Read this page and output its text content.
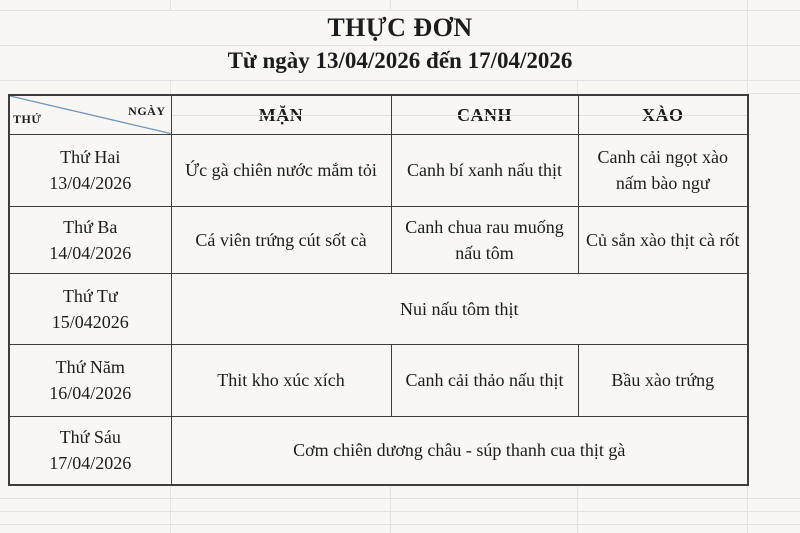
THỰC ĐƠN
Từ ngày 13/04/2026 đến 17/04/2026
NGÀY
THỨ	MẶN	CANH	XÀO

Thứ Hai
13/04/2026	Ức gà chiên nước mắm tỏi	Canh bí xanh nấu thịt	Canh cải ngọt xào nấm bào ngư

Thứ Ba
14/04/2026	Cá viên trứng cút sốt cà	Canh chua rau muống nấu tôm	Củ sắn xào thịt cà rốt

Thứ Tư
15/042026	Nui nấu tôm thịt		

Thứ Năm
16/04/2026	Thit kho xúc xích	Canh cải thảo nấu thịt	Bầu xào trứng

Thứ Sáu
17/04/2026	Cơm chiên dương châu - súp thanh cua thịt gà		
